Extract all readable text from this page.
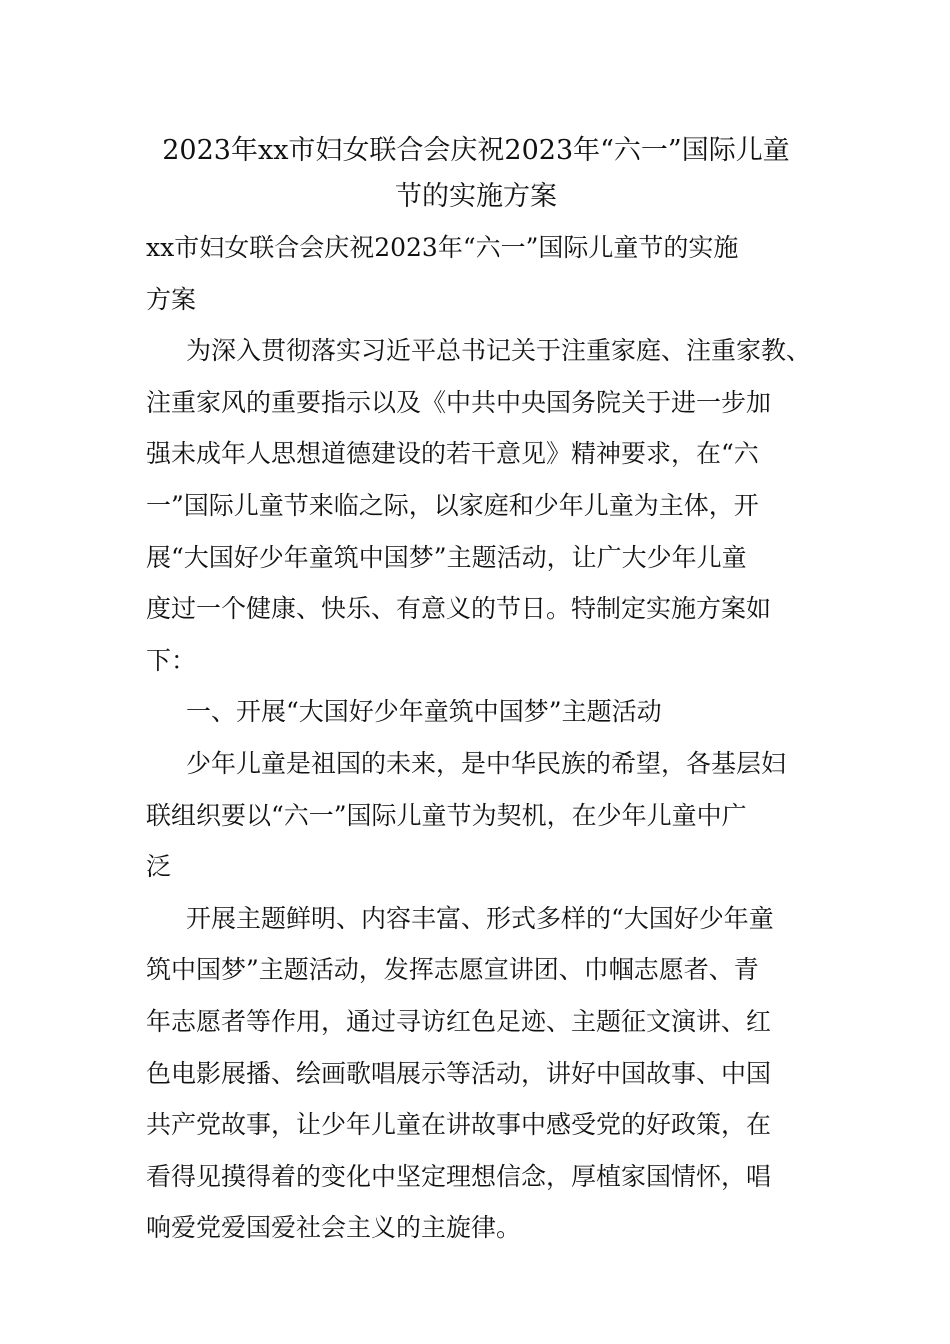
2023年xx市妇女联合会庆祝2023年“六一”国际儿童
节的实施方案
xx市妇女联合会庆祝2023年“六一”国际儿童节的实施
方案
为深入贯彻落实习近平总书记关于注重家庭、注重家教、
注重家风的重要指示以及《中共中央国务院关于进一步加
强未成年人思想道德建设的若干意见》精神要求，在“六
一”国际儿童节来临之际，以家庭和少年儿童为主体，开
展“大国好少年童筑中国梦”主题活动，让广大少年儿童
度过一个健康、快乐、有意义的节日。特制定实施方案如
下：
一、开展“大国好少年童筑中国梦”主题活动
少年儿童是祖国的未来，是中华民族的希望，各基层妇
联组织要以“六一”国际儿童节为契机，在少年儿童中广
泛
开展主题鲜明、内容丰富、形式多样的“大国好少年童
筑中国梦”主题活动，发挥志愿宣讲团、巾帼志愿者、青
年志愿者等作用，通过寻访红色足迹、主题征文演讲、红
色电影展播、绘画歌唱展示等活动，讲好中国故事、中国
共产党故事，让少年儿童在讲故事中感受党的好政策，在
看得见摸得着的变化中坚定理想信念，厚植家国情怀，唱
响爱党爱国爱社会主义的主旋律。
